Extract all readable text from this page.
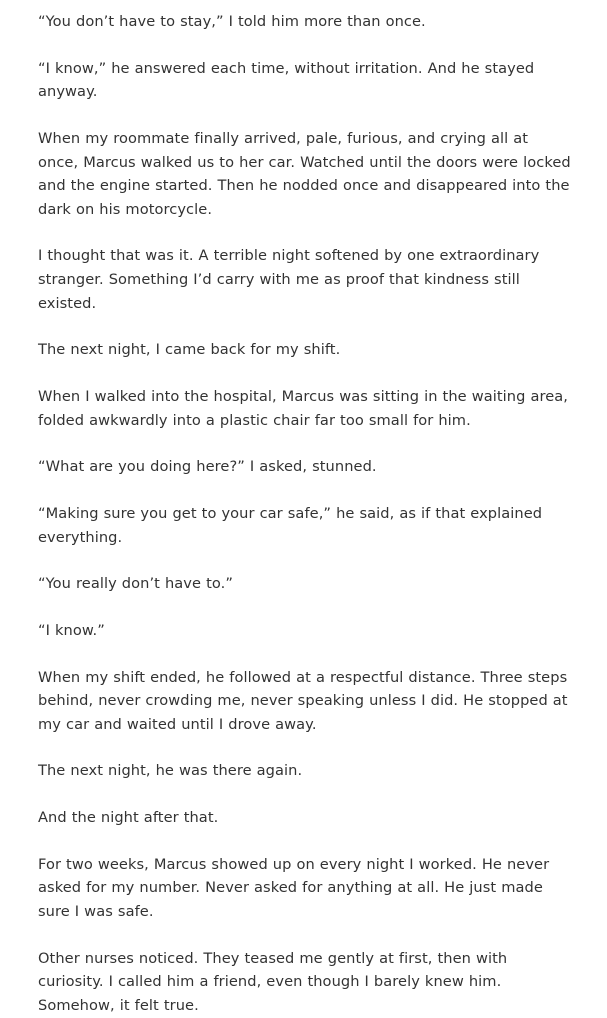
“You don’t have to stay,” I told him more than once.

“I know,” he answered each time, without irritation. And he stayed anyway.

When my roommate finally arrived, pale, furious, and crying all at once, Marcus walked us to her car. Watched until the doors were locked and the engine started. Then he nodded once and disappeared into the dark on his motorcycle.

I thought that was it. A terrible night softened by one extraordinary stranger. Something I’d carry with me as proof that kindness still existed.

The next night, I came back for my shift.

When I walked into the hospital, Marcus was sitting in the waiting area, folded awkwardly into a plastic chair far too small for him.

“What are you doing here?” I asked, stunned.

“Making sure you get to your car safe,” he said, as if that explained everything.

“You really don’t have to.”

“I know.”

When my shift ended, he followed at a respectful distance. Three steps behind, never crowding me, never speaking unless I did. He stopped at my car and waited until I drove away.

The next night, he was there again.

And the night after that.

For two weeks, Marcus showed up on every night I worked. He never asked for my number. Never asked for anything at all. He just made sure I was safe.

Other nurses noticed. They teased me gently at first, then with curiosity. I called him a friend, even though I barely knew him. Somehow, it felt true.
